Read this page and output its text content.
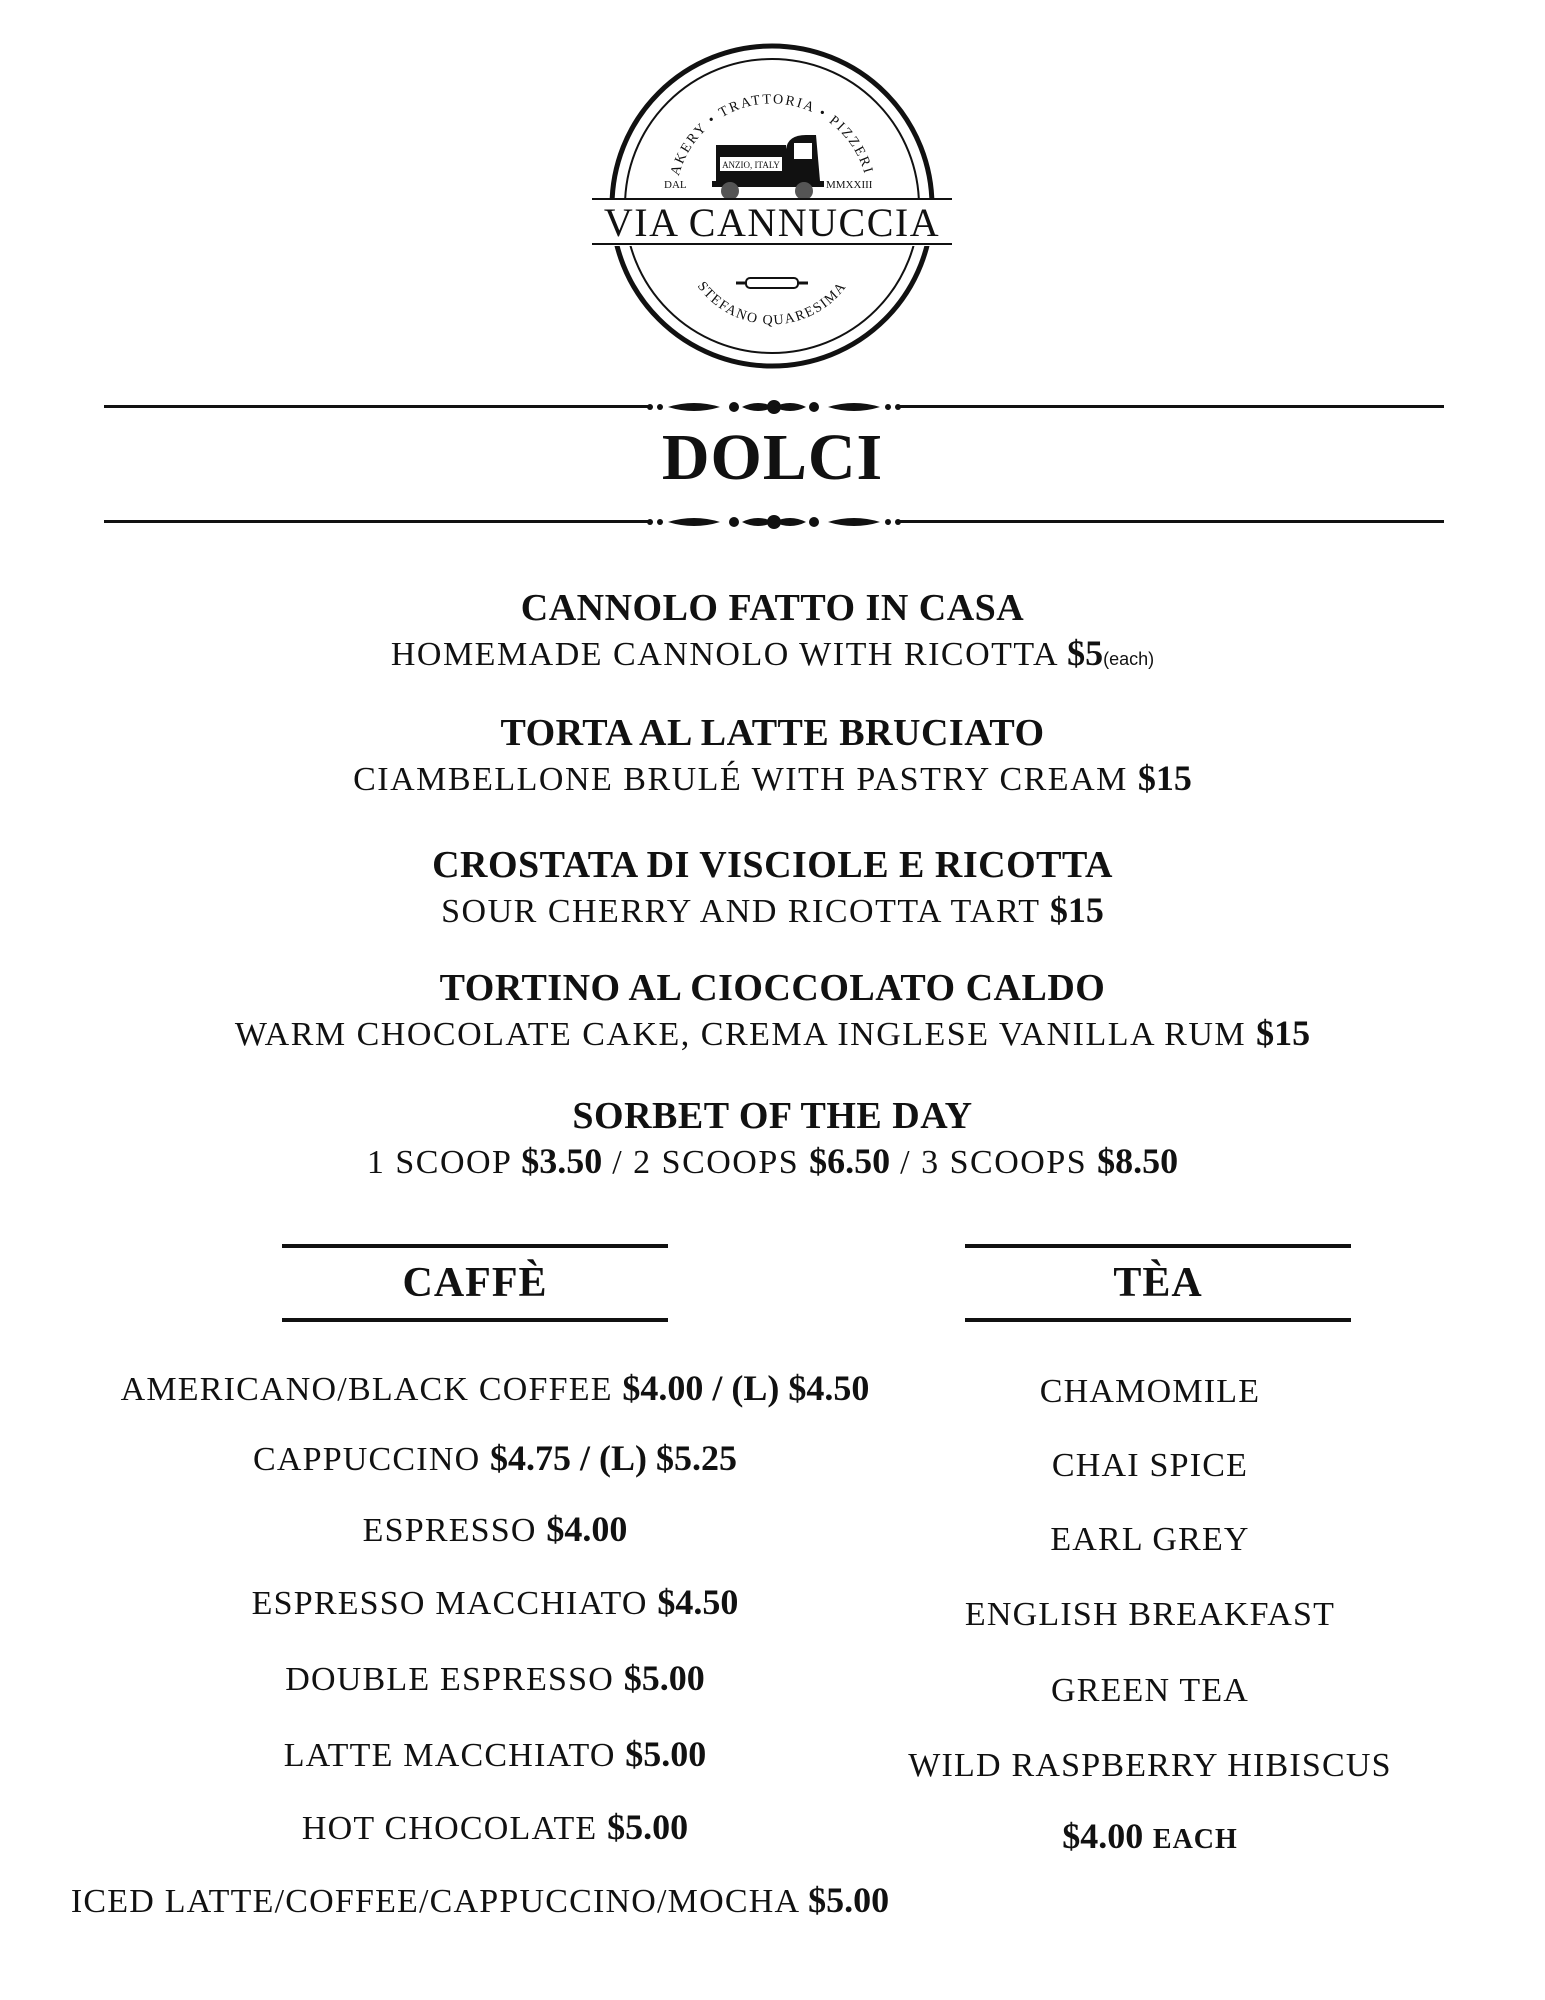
AKERY • TRATTORIA • PIZZERI
ANZIO, ITALY
DAL	MMXXIII
VIA CANNUCCIA
STEFANO QUARESIMA
DOLCI
CANNOLO FATTO IN CASA
HOMEMADE CANNOLO WITH RICOTTA $5(each)
TORTA AL LATTE BRUCIATO
CIAMBELLONE BRULÉ WITH PASTRY CREAM $15
CROSTATA DI VISCIOLE E RICOTTA
SOUR CHERRY AND RICOTTA TART $15
TORTINO AL CIOCCOLATO CALDO
WARM CHOCOLATE CAKE, CREMA INGLESE VANILLA RUM $15
SORBET OF THE DAY
1 SCOOP $3.50 / 2 SCOOPS $6.50 / 3 SCOOPS $8.50
CAFFÈ	TÈA
AMERICANO/BLACK COFFEE $4.00 / (L) $4.50
CAPPUCCINO $4.75 / (L) $5.25
ESPRESSO $4.00
ESPRESSO MACCHIATO $4.50
DOUBLE ESPRESSO $5.00
LATTE MACCHIATO $5.00
HOT CHOCOLATE $5.00
ICED LATTE/COFFEE/CAPPUCCINO/MOCHA $5.00
CHAMOMILE
CHAI SPICE
EARL GREY
ENGLISH BREAKFAST
GREEN TEA
WILD RASPBERRY HIBISCUS
$4.00 EACH
